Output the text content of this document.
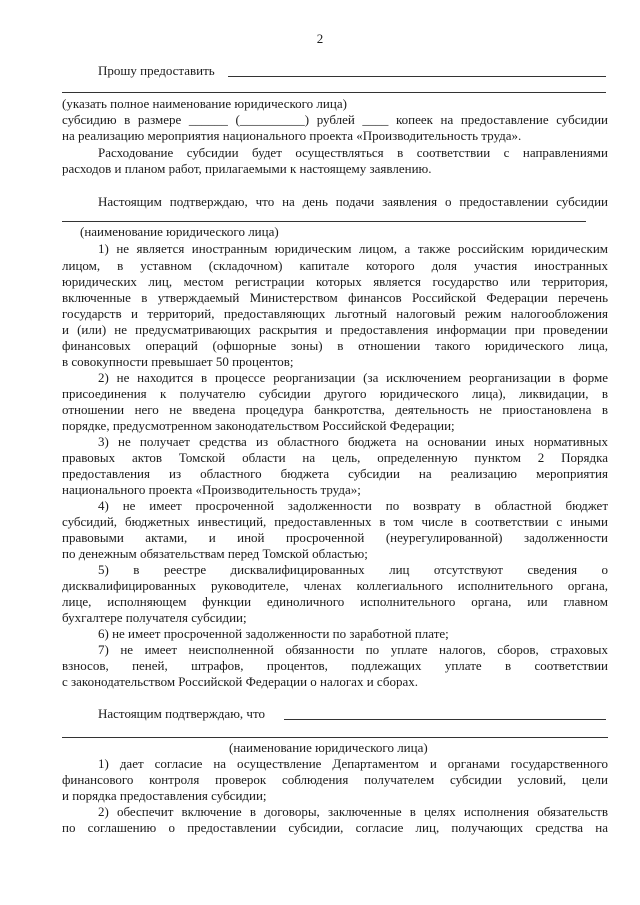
2
Прошу предоставить
(указать полное наименование юридического лица)
субсидию в размере ______ (__________) рублей ____ копеек на предоставление субсидии
на реализацию мероприятия национального проекта «Производительность труда».
Расходование субсидии будет осуществляться в соответствии с направлениями
расходов и планом работ, прилагаемыми к настоящему заявлению.
Настоящим подтверждаю, что на день подачи заявления о предоставлении субсидии
(наименование юридического лица)
1) не является иностранным юридическим лицом, а также российским юридическим
лицом, в уставном (складочном) капитале которого доля участия иностранных
юридических лиц, местом регистрации которых является государство или территория,
включенные в утверждаемый Министерством финансов Российской Федерации перечень
государств и территорий, предоставляющих льготный налоговый режим налогообложения
и (или) не предусматривающих раскрытия и предоставления информации при проведении
финансовых операций (офшорные зоны) в отношении такого юридического лица,
в совокупности превышает 50 процентов;
2) не находится в процессе реорганизации (за исключением реорганизации в форме
присоединения к получателю субсидии другого юридического лица), ликвидации, в
отношении него не введена процедура банкротства, деятельность не приостановлена в
порядке, предусмотренном законодательством Российской Федерации;
3) не получает средства из областного бюджета на основании иных нормативных
правовых актов Томской области на цель, определенную пунктом 2 Порядка
предоставления из областного бюджета субсидии на реализацию мероприятия
национального проекта «Производительность труда»;
4) не имеет просроченной задолженности по возврату в областной бюджет
субсидий, бюджетных инвестиций, предоставленных в том числе в соответствии с иными
правовыми актами, и иной просроченной (неурегулированной) задолженности
по денежным обязательствам перед Томской областью;
5) в реестре дисквалифицированных лиц отсутствуют сведения о
дисквалифицированных руководителе, членах коллегиального исполнительного органа,
лице, исполняющем функции единоличного исполнительного органа, или главном
бухгалтере получателя субсидии;
6) не имеет просроченной задолженности по заработной плате;
7) не имеет неисполненной обязанности по уплате налогов, сборов, страховых
взносов, пеней, штрафов, процентов, подлежащих уплате в соответствии
с законодательством Российской Федерации о налогах и сборах.
Настоящим подтверждаю, что
(наименование юридического лица)
1) дает согласие на осуществление Департаментом и органами государственного
финансового контроля проверок соблюдения получателем субсидии условий, цели
и порядка предоставления субсидии;
2) обеспечит включение в договоры, заключенные в целях исполнения обязательств
по соглашению о предоставлении субсидии, согласие лиц, получающих средства на
